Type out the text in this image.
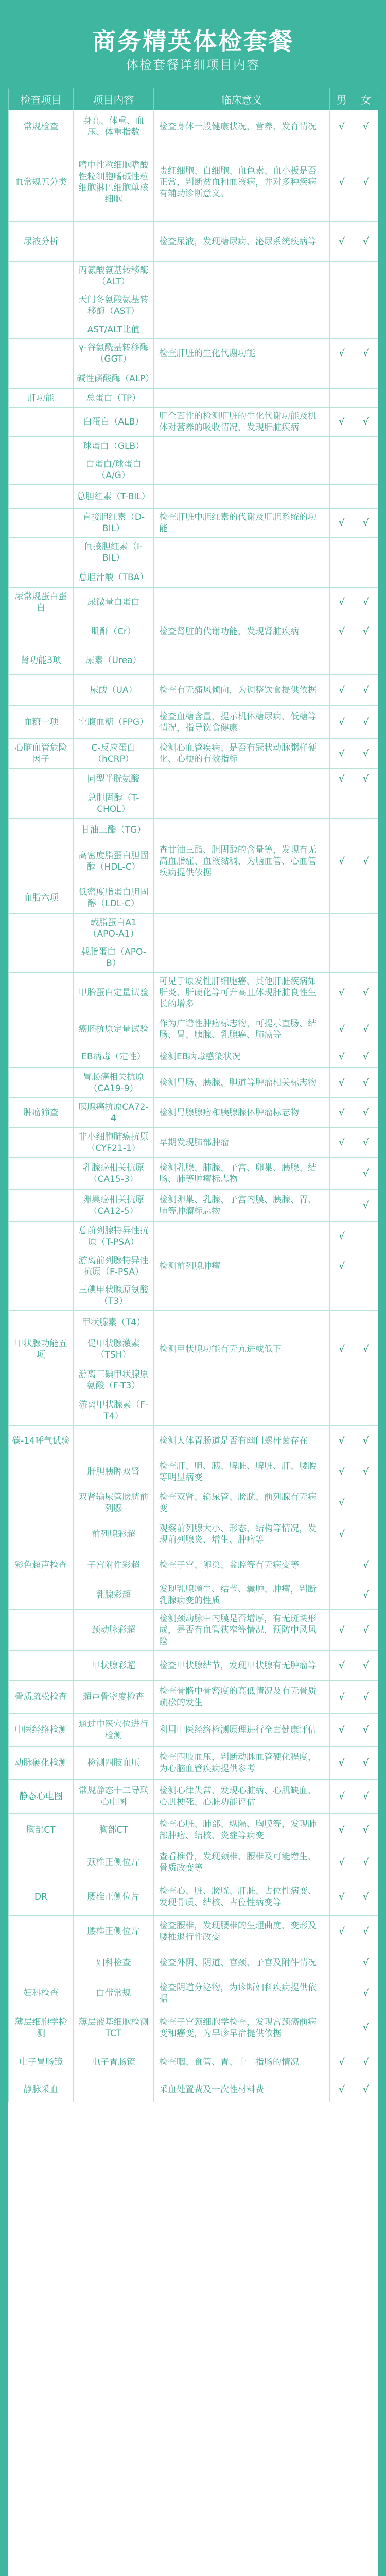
商务精英体检套餐
体检套餐详细项目内容
检查项目	项目内容	临床意义	男	女
常规检查	身高、体重、血压、体重指数	检查身体一般健康状况，营养、发育情况	√	√
血常规五分类	嗜中性粒细胞嗜酸性粒细胞嗜碱性粒细胞淋巴细胞单核细胞	贵红细胞、白细胞、血色素、血小板是否正常，判断贫血和血液病，并对多种疾病有辅助诊断意义。	√	√
尿液分析		检查尿液，发现糖尿病、泌尿系统疾病等	√	√
	丙氨酸氨基转移酶（ALT）			
	天门冬氨酸氨基转移酶（AST）			
	AST/ALT比值			
	γ-谷氨酰基转移酶（GGT）	检查肝脏的生化代谢功能	√	√
	碱性磷酸酶（ALP）			
肝功能	总蛋白（TP）			
	白蛋白（ALB）	肝全面性的检测肝脏的生化代谢功能及机体对营养的吸收情况，发现肝脏疾病	√	√
	球蛋白（GLB）			
	白蛋白/球蛋白（A/G）			
	总胆红素（T-BIL）			
	直接胆红素（D-BIL）	检查肝脏中胆红素的代谢及肝胆系统的功能	√	√
	间接胆红素（I-BIL）			
	总胆汁酸（TBA）			
尿常规蛋白蛋白	尿微量白蛋白		√	√
	肌酐（Cr）	检查肾脏的代谢功能，发现肾脏疾病	√	√
肾功能3项	尿素（Urea）			
	尿酸（UA）	检查有无痛风倾向，为调整饮食提供依据	√	√
血糖一项	空腹血糖（FPG）	检查血糖含量，提示机体糖尿病、低糖等情况，指导饮食健康	√	√
心脑血管危险因子	C-反应蛋白（hCRP）	检测心血管疾病、是否有冠状动脉粥样硬化、心梗的有效指标	√	√
	同型半胱氨酸		√	√
	总胆固醇（T-CHOL）			
	甘油三酯（TG）			
	高密度脂蛋白胆固醇（HDL-C）	查甘油三酯、胆固醇的含量等，发现有无高血脂症、血液黏稠，为脑血管、心血管疾病提供依据	√	√
血脂六项	低密度脂蛋白胆固醇（LDL-C）			
	载脂蛋白A1（APO-A1）			
	载脂蛋白（APO-B）			
	甲胎蛋白定量试验	可见于原发性肝细胞癌、其他肝脏疾病如肝炎、肝硬化等可升高且体现肝脏良性生长的增多	√	√
	癌胚抗原定量试验	作为广谱性肿瘤标志物，可提示直肠、结肠、胃、胰腺、乳腺癌、肺癌等	√	√
	EB病毒（定性）	检测EB病毒感染状况	√	√
	胃肠癌相关抗原（CA19-9）	检测胃肠、胰腺、胆道等肿瘤相关标志物	√	√
肿瘤筛查	胰腺癌抗原CA72-4	检测胃腺腺瘤和胰腺腺体肿瘤标志物	√	√
	非小细胞肺癌抗原（CYF21-1）	早期发现肺部肿瘤	√	√
	乳腺癌相关抗原（CA15-3）	检测乳腺、肺腺、子宫、卵巢、胰腺、结肠、肺等肿瘤标志物		√
	卵巢癌相关抗原（CA12-5）	检测卵巢、乳腺、子宫内膜、胰腺、胃、肺等肿瘤标志物		√
	总前列腺特异性抗原（T-PSA）		√	
	游离前列腺特异性抗原（F-PSA）	检测前列腺肿瘤	√	
	三碘甲状腺原氨酸（T3）			
	甲状腺素（T4）			
甲状腺功能五项	促甲状腺激素（TSH）	检测甲状腺功能有无亢进或低下	√	√
	游离三碘甲状腺原氨酸（F-T3）			
	游离甲状腺素（F-T4）			
碳-14呼气试验		检测人体胃肠道是否有幽门螺杆菌存在	√	√
	肝胆胰脾双肾	检查肝、胆、胰、脾脏、脾脏、肝、腰腰等明显病变	√	√
	双肾输尿管膀胱前列腺	检查双肾、输尿管、膀胱、前列腺有无病变	√	
	前列腺彩超	观察前列腺大小、形态、结构等情况，发现前列腺炎、增生、肿瘤等	√	
彩色超声检查	子宫附件彩超	检查子宫、卵巢、盆腔等有无病变等		√
	乳腺彩超	发现乳腺增生、结节、囊肿、肿瘤，判断乳腺病变的性质		√
	颈动脉彩超	检测颈动脉中内膜是否增厚，有无斑块形成，是否有血管狭窄等情况，预防中风风险	√	√
	甲状腺彩超	检查甲状腺结节，发现甲状腺有无肿瘤等	√	√
骨质疏松检查	超声骨密度检查	检查骨骼中骨密度的高低情况及有无骨质疏松的发生	√	√
中医经络检测	通过中医穴位进行检测	利用中医经络检测原理进行全面健康评估	√	√
动脉硬化检测	检测四肢血压	检查四肢血压，判断动脉血管硬化程度，为心脑血管疾病提供参考	√	√
静态心电图	常规静态十二导联心电图	检测心律失常、发现心脏病、心肌缺血、心肌梗死、心脏功能评估	√	√
胸部CT	胸部CT	检查心脏、肺部、纵隔、胸膜等，发现肺部肿瘤、结核、炎症等病变	√	√
	颈椎正侧位片	查看椎骨，发现颈椎、腰椎及可能增生、骨质改变等	√	√
DR	腰椎正侧位片	检查心、脏、膀胱、肝脏、占位性病变、发现骨质、结核、占位性病变等	√	√
	腰椎正侧位片	检查腰椎，发现腰椎的生理曲度、变形及腰椎退行性改变	√	√
	妇科检查	检查外阴、阴道、宫颈、子宫及附件情况		√
妇科检查	白带常规	检查阴道分泌物，为诊断妇科疾病提供依据		√
薄层细胞学检测	薄层液基细胞检测TCT	检查子宫颈细胞学检查，发现宫颈癌前病变和癌变，为早诊早治提供依据		√
电子胃肠镜	电子胃肠镜	检查咽、食管、胃、十二指肠的情况	√	√
静脉采血		采血处置费及一次性材料费	√	√
